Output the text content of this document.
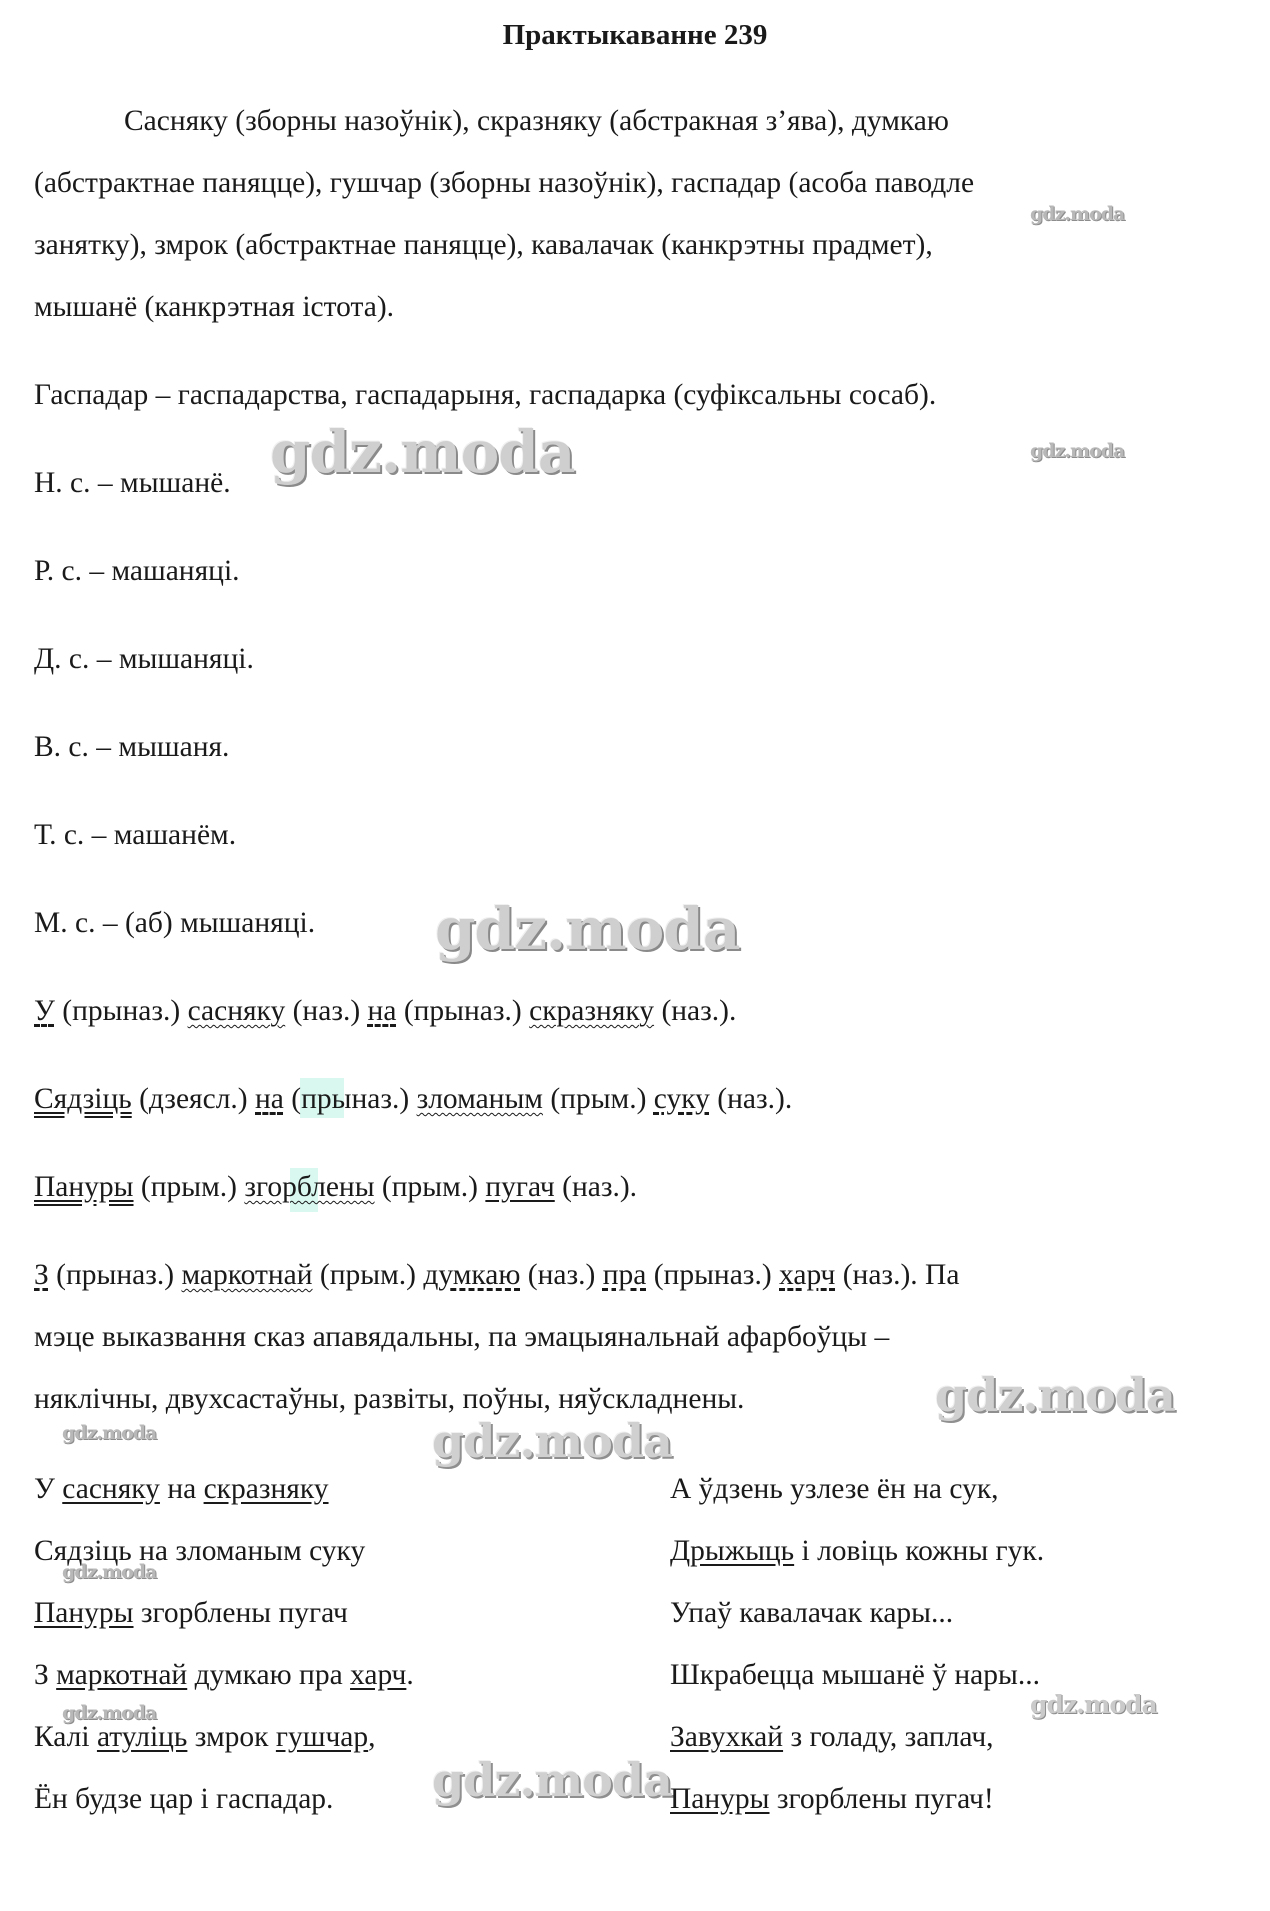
gdz.moda
gdz.moda	gdz.moda
gdz.moda
gdz.moda
gdz.moda
gdz.moda
gdz.moda
gdz.moda
gdz.moda
gdz.moda
Практыкаванне 239
Сасняку (зборны назоўнік), скразняку (абстракная з’ява), думкаю
(абстрактнае паняцце), гушчар (зборны назоўнік), гаспадар (асоба паводле
занятку), змрок (абстрактнае паняцце), кавалачак (канкрэтны прадмет),
мышанё (канкрэтная істота).
Гаспадар – гаспадарства, гаспадарыня, гаспадарка (суфіксальны сосаб).
Н. с. – мышанё.
Р. с. – машаняці.
Д. с. – мышаняці.
В. с. – мышаня.
Т. с. – машанём.
М. с. – (аб) мышаняці.
У (прыназ.) сасняку (наз.) на (прыназ.) скразняку (наз.).
Сядзіць (дзеясл.) на (прыназ.) зломаным (прым.) суку (наз.).
Пануры (прым.) згорблены (прым.) пугач (наз.).
З (прыназ.) маркотнай (прым.) думкаю (наз.) пра (прыназ.) харч (наз.). Па
мэце выказвання сказ апавядальны, па эмацыянальнай афарбоўцы –
няклічны, двухсастаўны, развіты, поўны, няўскладнены.
У сасняку на скразняку
Сядзіць на зломаным суку
Пануры згорблены пугач
З маркотнай думкаю пра харч.
Калі атуліць змрок гушчар,
Ён будзе цар і гаспадар.
А ўдзень узлезе ён на сук,
Дрыжыць і ловіць кожны гук.
Упаў кавалачак кары...
Шкрабецца мышанё ў нары...
Завухкай з голаду, заплач,
Пануры згорблены пугач!
